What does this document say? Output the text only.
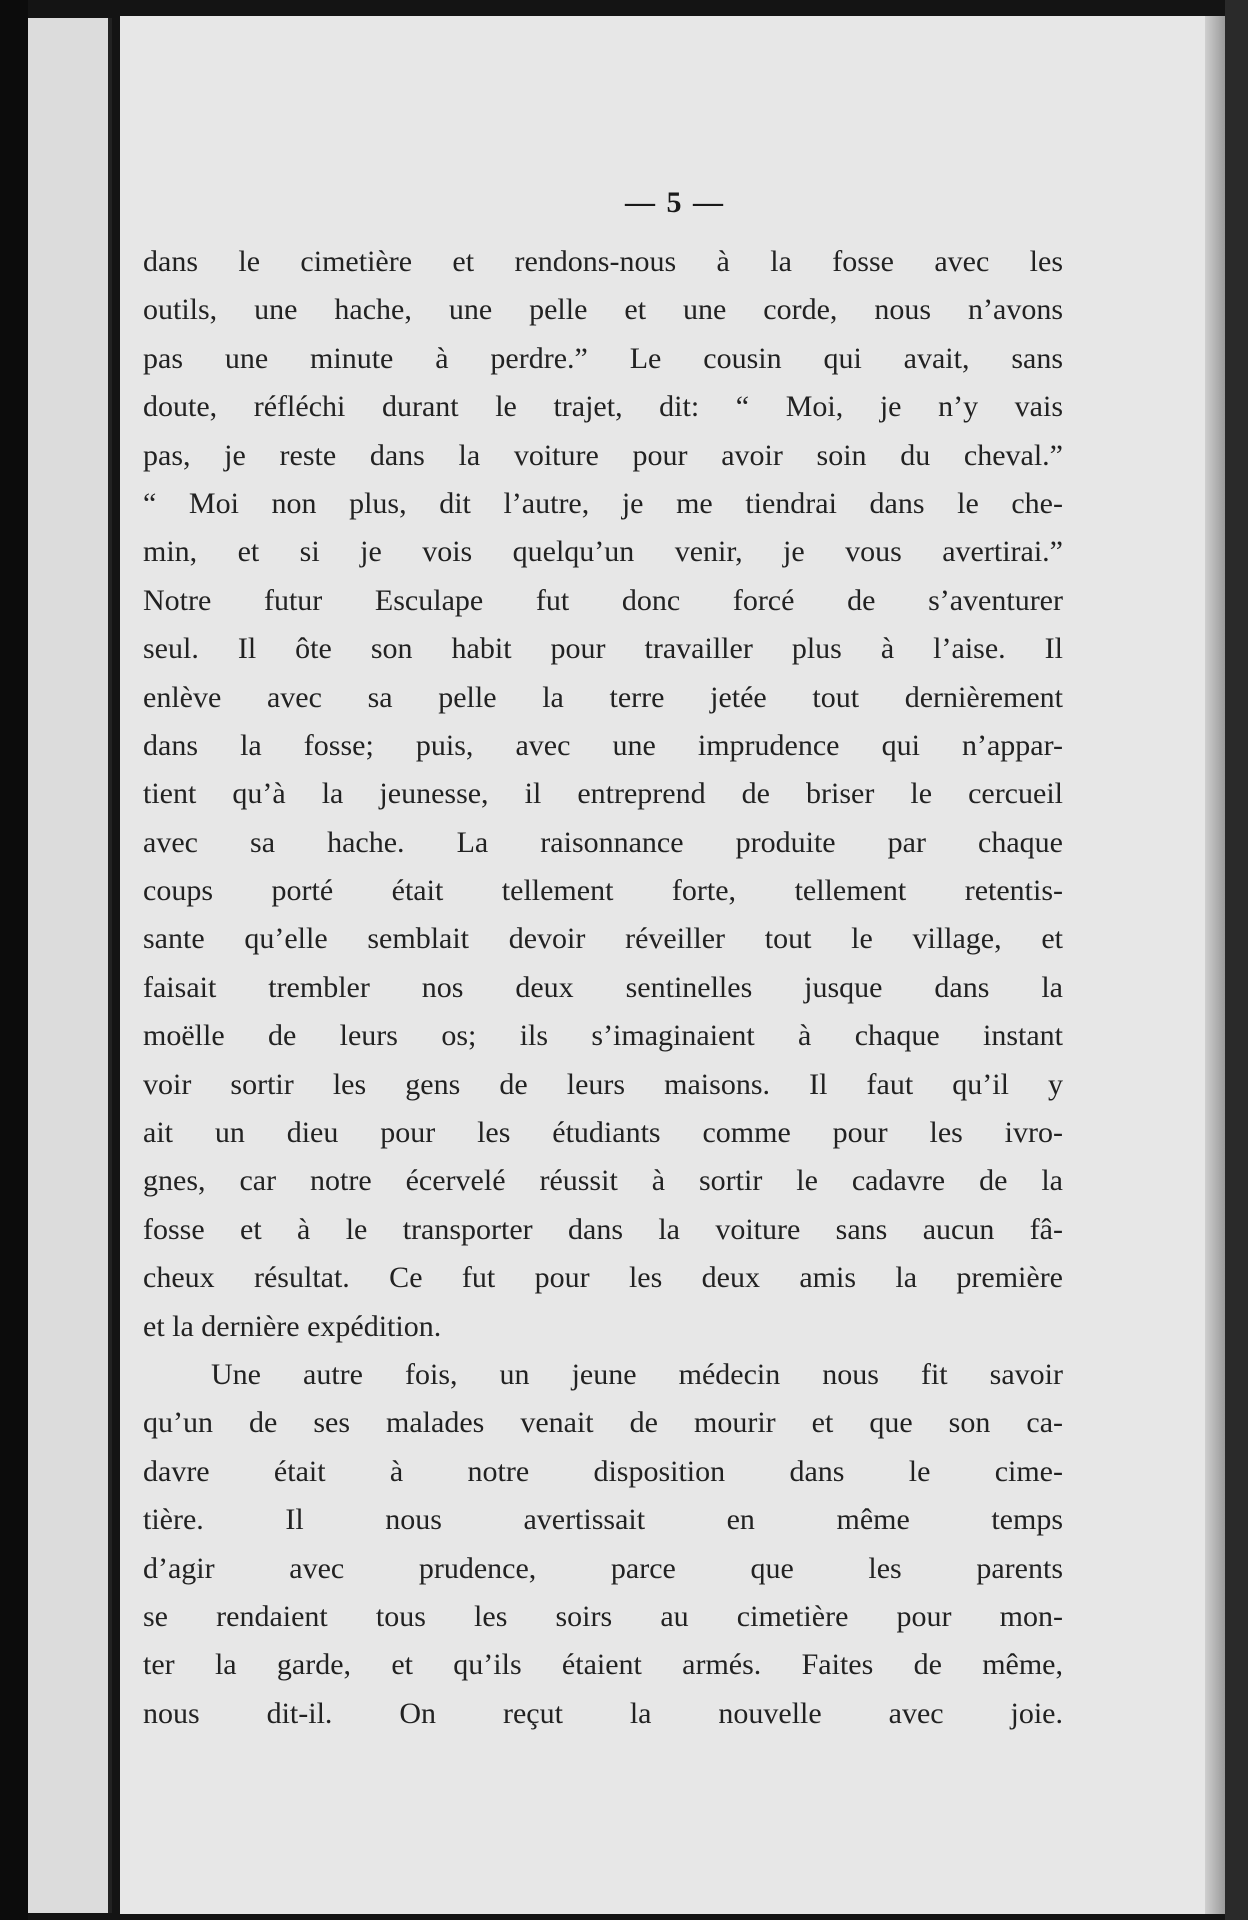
— 5 —
dans le cimetière et rendons-nous à la fosse avec les
outils, une hache, une pelle et une corde, nous n’avons
pas une minute à perdre.” Le cousin qui avait, sans
doute, réfléchi durant le trajet, dit: “ Moi, je n’y vais
pas, je reste dans la voiture pour avoir soin du cheval.”
“ Moi non plus, dit l’autre, je me tiendrai dans le che-
min, et si je vois quelqu’un venir, je vous avertirai.”
Notre futur Esculape fut donc forcé de s’aventurer
seul. Il ôte son habit pour travailler plus à l’aise. Il
enlève avec sa pelle la terre jetée tout dernièrement
dans la fosse; puis, avec une imprudence qui n’appar-
tient qu’à la jeunesse, il entreprend de briser le cercueil
avec sa hache. La raisonnance produite par chaque
coups porté était tellement forte, tellement retentis-
sante qu’elle semblait devoir réveiller tout le village, et
faisait trembler nos deux sentinelles jusque dans la
moëlle de leurs os; ils s’imaginaient à chaque instant
voir sortir les gens de leurs maisons. Il faut qu’il y
ait un dieu pour les étudiants comme pour les ivro-
gnes, car notre écervelé réussit à sortir le cadavre de la
fosse et à le transporter dans la voiture sans aucun fâ-
cheux résultat. Ce fut pour les deux amis la première
et la dernière expédition.
Une autre fois, un jeune médecin nous fit savoir
qu’un de ses malades venait de mourir et que son ca-
davre était à notre disposition dans le cime-
tière. Il nous avertissait en même temps
d’agir avec prudence, parce que les parents
se rendaient tous les soirs au cimetière pour mon-
ter la garde, et qu’ils étaient armés. Faites de même,
nous dit-il. On reçut la nouvelle avec joie.
